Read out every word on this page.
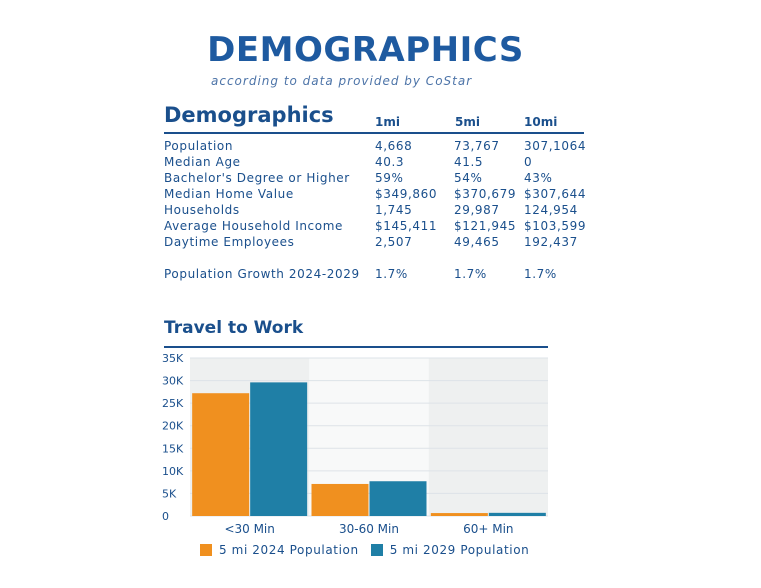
DEMOGRAPHICS
according to data provided by CoStar
Demographics	1mi	5mi	10mi
Population	4,668	73,767	307,1064
Median Age	40.3	41.5	0
Bachelor's Degree or Higher	59%	54%	43%
Median Home Value	$349,860	$370,679	$307,644
Households	1,745	29,987	124,954
Average Household Income	$145,411	$121,945	$103,599
Daytime Employees	2,507	49,465	192,437

Population Growth 2024-2029	1.7%	1.7%	1.7%
Travel to Work
0
5K
10K
15K
20K
25K
30K
35K
<30 Min	30-60 Min	60+ Min
5 mi 2024 Population	5 mi 2029 Population
